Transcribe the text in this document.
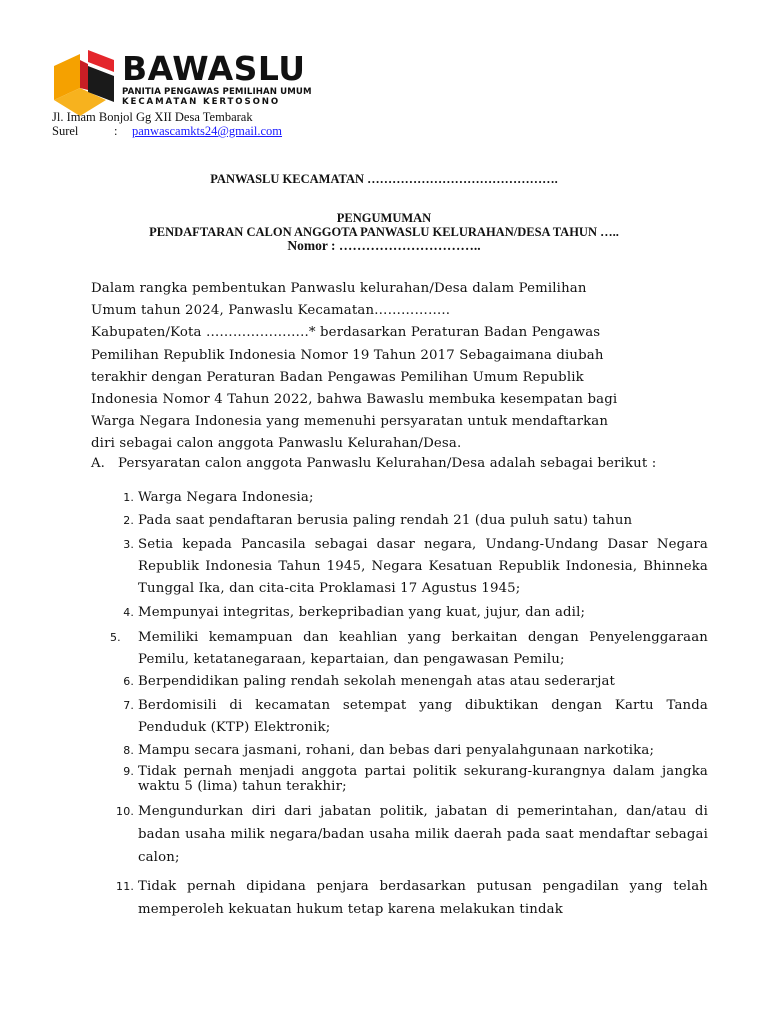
BAWASLU
PANITIA PENGAWAS PEMILIHAN UMUM
KECAMATAN KERTOSONO
Jl. Imam Bonjol Gg XII Desa Tembarak
Surel	:	panwascamkts24@gmail.com
PANWASLU KECAMATAN ……………………………………….
PENGUMUMAN
PENDAFTARAN CALON ANGGOTA PANWASLU KELURAHAN/DESA TAHUN …..
Nomor : …………………………..
Dalam rangka pembentukan Panwaslu kelurahan/Desa dalam Pemilihan
Umum tahun 2024, Panwaslu Kecamatan……………..
Kabupaten/Kota …………………..* berdasarkan Peraturan Badan Pengawas
Pemilihan Republik Indonesia Nomor 19 Tahun 2017 Sebagaimana diubah
terakhir dengan Peraturan Badan Pengawas Pemilihan Umum Republik
Indonesia Nomor 4 Tahun 2022, bahwa Bawaslu membuka kesempatan bagi
Warga Negara Indonesia yang memenuhi persyaratan untuk mendaftarkan
diri sebagai calon anggota Panwaslu Kelurahan/Desa.
A. Persyaratan calon anggota Panwaslu Kelurahan/Desa adalah sebagai berikut :
1. Warga Negara Indonesia;
2. Pada saat pendaftaran berusia paling rendah 21 (dua puluh satu) tahun
3. Setia kepada Pancasila sebagai dasar negara, Undang-Undang Dasar Negara Republik Indonesia Tahun 1945, Negara Kesatuan Republik Indonesia, Bhinneka Tunggal Ika, dan cita-cita Proklamasi 17 Agustus 1945;
4. Mempunyai integritas, berkepribadian yang kuat, jujur, dan adil;
5.	Memiliki kemampuan dan keahlian yang berkaitan dengan Penyelenggaraan Pemilu, ketatanegaraan, kepartaian, dan pengawasan Pemilu;
6. Berpendidikan paling rendah sekolah menengah atas atau sederarjat
7. Berdomisili di kecamatan setempat yang dibuktikan dengan Kartu Tanda Penduduk (KTP) Elektronik;
8. Mampu secara jasmani, rohani, dan bebas dari penyalahgunaan narkotika;
9. Tidak pernah menjadi anggota partai politik sekurang-kurangnya dalam jangka waktu 5 (lima) tahun terakhir;
10. Mengundurkan diri dari jabatan politik, jabatan di pemerintahan, dan/atau di badan usaha milik negara/badan usaha milik daerah pada saat mendaftar sebagai calon;
11. Tidak pernah dipidana penjara berdasarkan putusan pengadilan yang telah memperoleh kekuatan hukum tetap karena melakukan tindak
